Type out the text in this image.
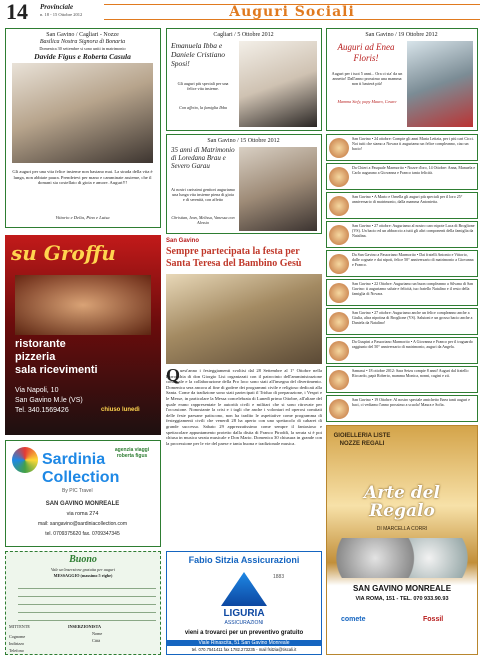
14 Provinciale
n. 18 - 15 Ottobre 2012	Auguri Sociali
San Gavino / Cagliari - Nozze
Basilica Nostra Signora di Bonaria
Domenica 30 settembre si sono uniti in matrimonio
Davide Figus e Roberta Casula
Gli auguri per una vita felice insieme non bastano mai. La strada della vita è lunga, non abbiate paura. Prendetevi per mano e camminate assieme, che il domani sia costellato di gioia e amore. Auguri!!!
Vittorio e Delia, Pino e Luisa
Cagliari / 5 Ottobre 2012
Emanuela Ibba e Daniele Cristiano Sposi!
Gli auguri più speciali per una felice vita insieme.
Con affetto, la famiglia Ibba
San Gavino / 19 Ottobre 2012
Auguri ad Enea Floris!
Auguri per i tuoi 5 anni... Ora ci sta' da un annetto! Dall'anno prossimo una mamma non ti basterà più!
Mamma Stefy, papy Mauro, Cesare
San Gavino / 15 Ottobre 2012
35 anni di Matrimonio di Loredana Brau e Severo Garau
Ai nostri carissimi genitori auguriamo una lunga vita insieme piena di gioia e di serenità, con affetto
Christian, Ivan, Melissa, Vanessa con Alessio
San Gavino • 24 ottobre: Compie gli anni Maria Letizia, per i più cari Cicci. Noi tutti che siamo a Novara ti auguriamo un felice compleanno, ciao un bacio!
Da Chieri a Pasquale Marmorito • Nozze d'oro, 14 Ottobre: Anna, Manuela e Carlo augurano a Giovanna e Franco tanta felicità.
San Gavino • A Mario e Ornella gli auguri più speciali per il loro 25° anniversario di matrimonio, dalla mamma Antonietta.
San Gavino • 27 ottobre: Auguriamo al nostro caro nipote Luca di Broglione (VS). Un bacio ed un abbraccio a tutti gli altri componenti della famiglia da Natalina.
Da San Gavino a Passoriano Marmorito • Dai fratelli Antonio e Vittorio, dalle cognate e dai nipoti, felice 50° anniversario di matrimonio a Giovanna e Franco.
San Gavino • 22 Ottobre: Auguriamo un buon compleanno a Silvana di San Gavino: ti auguriamo salute e felicità, tuo fratello Natalino e il resto della famiglia di Novara.
San Gavino • 27 ottobre: Auguriamo anche un felice compleanno anche a Giulia, altra nipotina di Broglione (VS). Salutoni e un grosso bacio anche a Daniela da Natalino!
Da Guspini a Passoriano Marmorito • A Giovanna e Franco per il traguardo raggiunto del 50° anniversario di matrimonio, auguri da Angela.
Samassi • 18 ottobre 2012: Sara Setzu compie 8 anni! Auguri dal fratello Riccardo, papà Roberto, mamma Monica, nonni, cugini e zii.
San Gavino • 19 Ottobre: Al nostro speciale amichetto Enea tanti auguri e baci, ci vediamo l'anno prossimo a scuola! Maura e Sofia.
San Gavino
Sempre partecipata la festa per Santa Teresa del Bambino Gesù
Q uest'anno i festeggiamenti svoltisi dal 28 Settembre al 1° Ottobre nella Parrocchia di don Giorgio Lisi organizzati con il patrocinio dell'amministrazione comunale e la collaborazione della Pro loco sono stati all'insegna del divertimento. Domenica sera ancora al fine di godere dei programmi civile e religioso dedicati alla Santa. Come da tradizione sono stati partecipati il Triduo di preparazione, i Vespri e le Messe, in particolare la Messa concelebrata di Lunedì primo Ottobre, all'altare del quale erano rappresentate le autorità civili e militari che si sono ritrovate per l'occasione. Nonostante la crisi e i tagli che anche i volontari ed operosi comitati delle feste paesane patiscono, non ha tradito le aspettative come programma di festeggiamenti civili che venerdì 28 ha aperto con uno spettacolo di cabaret di grande successo. Sabato 29 apprezzatissimo come sempre il fantasioso e spettacolare appuntamento protetto dalla disita di Franco Piroddi, la serata si è poi chiusa in musica serata musicale e Don Mario. Domenica 30 chiusura in grande con la processione per le vie del paese e tanta buona e tradizionale musica.
su Groffu
ristorante
pizzeria
sala ricevimenti
Via Napoli, 10
San Gavino M.le (VS)
Tel. 340.1569426	chiuso lunedì
agenzia viaggi roberta figus
Sardinia
Collection
By PIC Travel
SAN GAVINO MONREALE
via roma 274
mail: sangavino@sardiniacollection.com
tel. 0709375620 fax. 0709347345
Buono
Vale un'inserzione gratuita per auguri
MESSAGGIO (massimo 5 righe)
Cognome
Indirizzo
Telefono
INSERZIONISTA
Nome
Città
MITTENTE
Fabio Sitzia Assicurazioni
1883
LIGURIA
ASSICURAZIONI
vieni a trovarci per un preventivo gratuito
Viale Rinascita, 51 San Gavino Monreale
tel. 070.7541411 fax 1782.273235 - mail fsitzia@tiscali.it
GIOIELLERIA LISTE NOZZE REGALI
Arte del Regalo
DI MARCELLA CORRI
SAN GAVINO MONREALE
VIA ROMA, 151 - TEL. 070 933.90.93
comete	Fossil
